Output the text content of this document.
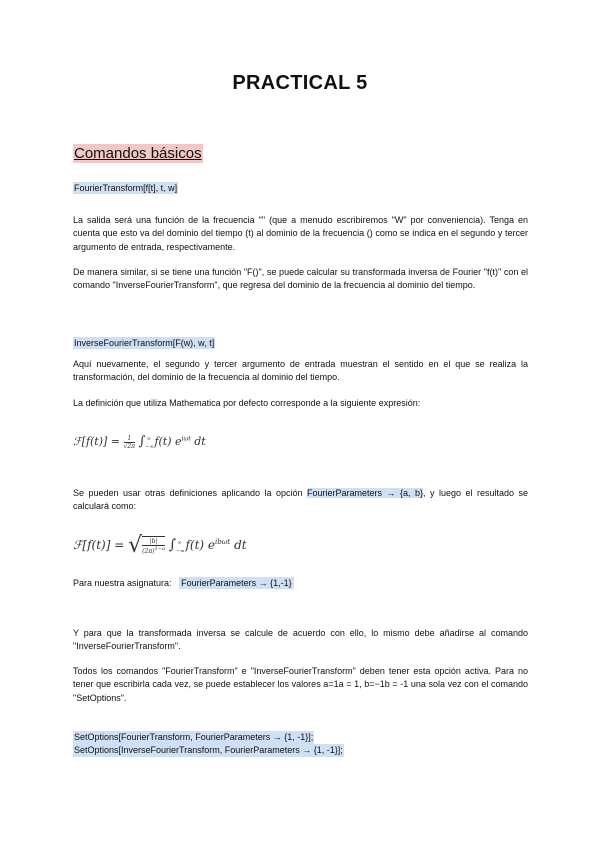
PRACTICAL 5
Comandos básicos
FourierTransform[f[t], t, w]
La salida será una función de la frecuencia "" (que a menudo escribiremos "W" por conveniencia). Tenga en cuenta que esto va del dominio del tiempo (t) al dominio de la frecuencia () como se indica en el segundo y tercer argumento de entrada, respectivamente.
De manera similar, si se tiene una función "F()", se puede calcular su transformada inversa de Fourier "f(t)" con el comando "InverseFourierTransform", que regresa del dominio de la frecuencia al dominio del tiempo.
InverseFourierTransform[F(w), w, t]
Aquí nuevamente, el segundo y tercer argumento de entrada muestran el sentido en el que se realiza la transformación, del dominio de la frecuencia al dominio del tiempo.
La definición que utiliza Mathematica por defecto corresponde a la siguiente expresión:
ℱ[f(t)] = $\frac{1}{√2\pi} \int_{-\infty}^\infty$ f(t) $e^{i\omega t}$ dt
Se pueden usar otras definiciones aplicando la opción FourierParameters → {a, b}, y luego el resultado se calculará como:
ℱ[f(t)] = √ $\frac{|b|}{(2\pi)^{1-a}} \int_{-\infty}^\infty$ f(t) $e^{ib\omega t}$ dt
Para nuestra asignatura:   FourierParameters → {1,-1}
Y para que la transformada inversa se calcule de acuerdo con ello, lo mismo debe añadirse al comando "InverseFourierTransform".
Todos los comandos "FourierTransform" e "InverseFourierTransform" deben tener esta opción activa. Para no tener que escribirla cada vez, se puede establecer los valores a=1a = 1, b=−1b = -1 una sola vez con el comando "SetOptions".
SetOptions[FourierTransform, FourierParameters → {1, -1}];
SetOptions[InverseFourierTransform, FourierParameters → {1, -1}];
